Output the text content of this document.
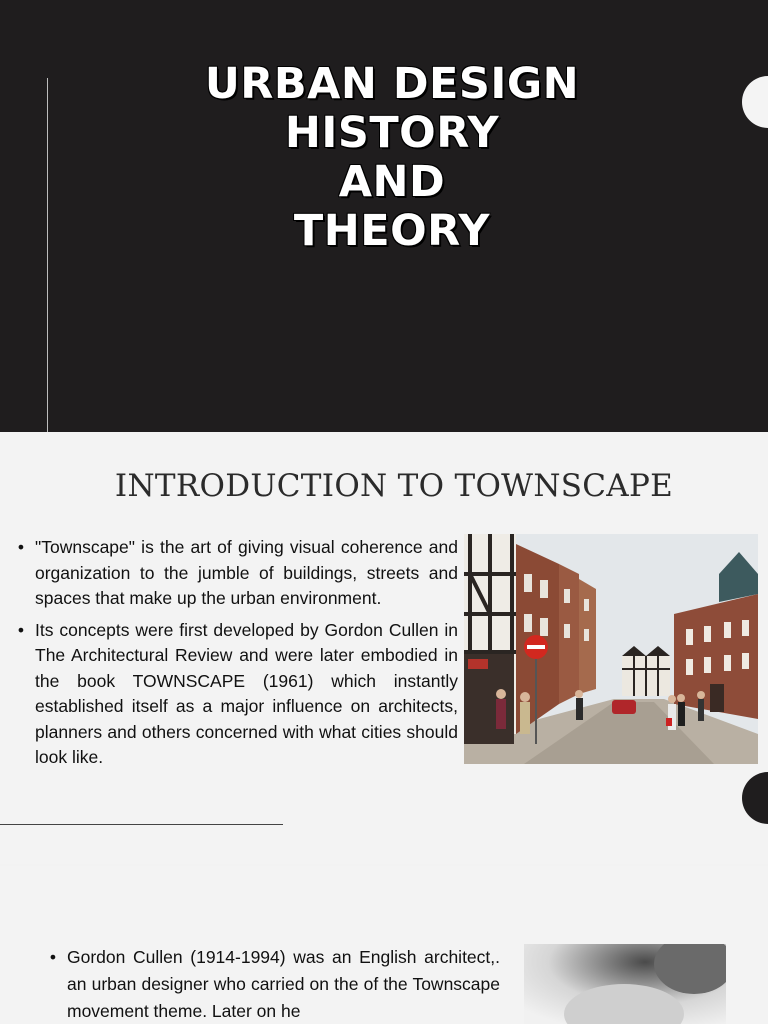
URBAN DESIGN
HISTORY
AND
THEORY
INTRODUCTION TO TOWNSCAPE
• "Townscape" is the art of giving visual coherence and organization to the jumble of buildings, streets and spaces that make up the urban environment.
• Its concepts were first developed by Gordon Cullen in The Architectural Review and were later embodied in the book TOWNSCAPE (1961) which instantly established itself as a major influence on architects, planners and others concerned with what cities should look like.
• Gordon Cullen (1914-1994) was an English architect,. an urban designer who carried on the of the Townscape movement theme. Later on he
